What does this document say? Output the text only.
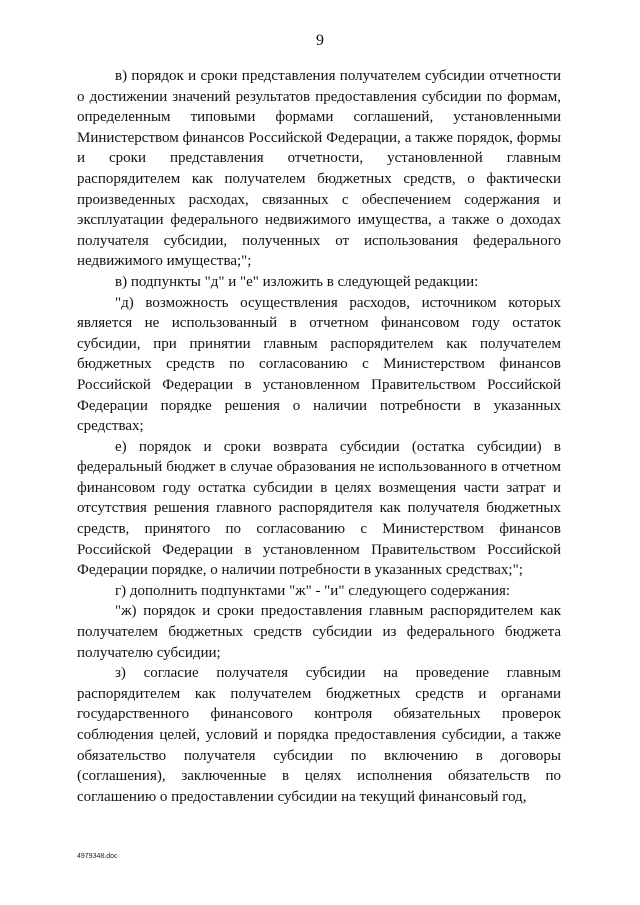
9

в) порядок и сроки представления получателем субсидии отчетности о достижении значений результатов предоставления субсидии по формам, определенным типовыми формами соглашений, установленными Министерством финансов Российской Федерации, а также порядок, формы и сроки представления отчетности, установленной главным распорядителем как получателем бюджетных средств, о фактически произведенных расходах, связанных с обеспечением содержания и эксплуатации федерального недвижимого имущества, а также о доходах получателя субсидии, полученных от использования федерального недвижимого имущества;";

в) подпункты "д" и "е" изложить в следующей редакции:

"д) возможность осуществления расходов, источником которых является не использованный в отчетном финансовом году остаток субсидии, при принятии главным распорядителем как получателем бюджетных средств по согласованию с Министерством финансов Российской Федерации в установленном Правительством Российской Федерации порядке решения о наличии потребности в указанных средствах;

е) порядок и сроки возврата субсидии (остатка субсидии) в федеральный бюджет в случае образования не использованного в отчетном финансовом году остатка субсидии в целях возмещения части затрат и отсутствия решения главного распорядителя как получателя бюджетных средств, принятого по согласованию с Министерством финансов Российской Федерации в установленном Правительством Российской Федерации порядке, о наличии потребности в указанных средствах;";

г) дополнить подпунктами "ж" - "и" следующего содержания:

"ж) порядок и сроки предоставления главным распорядителем как получателем бюджетных средств субсидии из федерального бюджета получателю субсидии;

з) согласие получателя субсидии на проведение главным распорядителем как получателем бюджетных средств и органами государственного финансового контроля обязательных проверок соблюдения целей, условий и порядка предоставления субсидии, а также обязательство получателя субсидии по включению в договоры (соглашения), заключенные в целях исполнения обязательств по соглашению о предоставлении субсидии на текущий финансовый год,

4979348.doc
